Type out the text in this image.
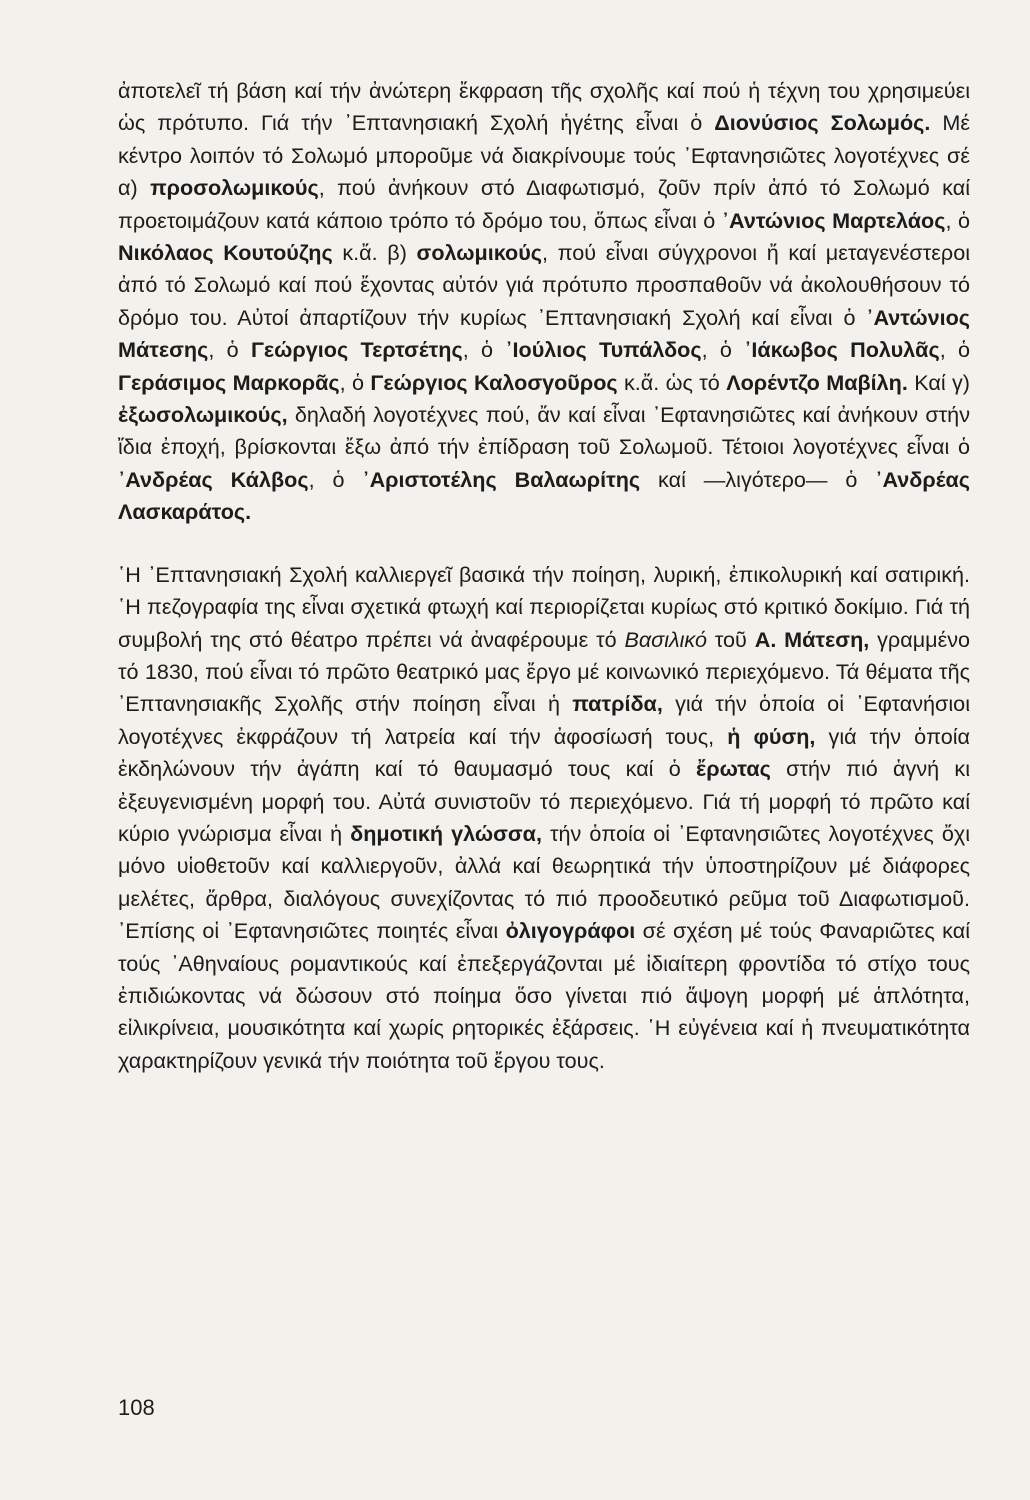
ἀποτελεῖ τή βάση καί τήν ἀνώτερη ἔκφραση τῆς σχολῆς καί πού ἡ τέχνη του χρησιμεύει ὡς πρότυπο. Γιά τήν ᾿Επτανησιακή Σχολή ἡγέτης εἶναι ὁ Διονύσιος Σολωμός. Μέ κέντρο λοιπόν τό Σολωμό μποροῦμε νά διακρίνουμε τούς ᾿Εφτανησιῶτες λογοτέχνες σέ α) προσολωμικούς, πού ἀνήκουν στό Διαφωτισμό, ζοῦν πρίν ἀπό τό Σολωμό καί προετοιμάζουν κατά κάποιο τρόπο τό δρόμο του, ὅπως εἶναι ὁ ᾿Αντώνιος Μαρτελάος, ὁ Νικόλαος Κουτούζης κ.ἄ. β) σολωμικούς, πού εἶναι σύγχρονοι ἤ καί μεταγενέστεροι ἀπό τό Σολωμό καί πού ἔχοντας αὐτόν γιά πρότυπο προσπαθοῦν νά ἀκολουθήσουν τό δρόμο του. Αὐτοί ἀπαρτίζουν τήν κυρίως ᾿Επτανησιακή Σχολή καί εἶναι ὁ ᾿Αντώνιος Μάτεσης, ὁ Γεώργιος Τερτσέτης, ὁ ᾿Ιούλιος Τυπάλδος, ὁ ᾿Ιάκωβος Πολυλᾶς, ὁ Γεράσιμος Μαρκορᾶς, ὁ Γεώργιος Καλοσγοῦρος κ.ἄ. ὡς τό Λορέντζο Μαβίλη. Καί γ) ἐξωσολωμικούς, δηλαδή λογοτέχνες πού, ἄν καί εἶναι ᾿Εφτανησιῶτες καί ἀνήκουν στήν ἴδια ἐποχή, βρίσκονται ἔξω ἀπό τήν ἐπίδραση τοῦ Σολωμοῦ. Τέτοιοι λογοτέχνες εἶναι ὁ ᾿Ανδρέας Κάλβος, ὁ ᾿Αριστοτέλης Βαλαωρίτης καί —λιγότερο— ὁ ᾿Ανδρέας Λασκαράτος.

῾Η ᾿Επτανησιακή Σχολή καλλιεργεῖ βασικά τήν ποίηση, λυρική, ἐπικολυρική καί σατιρική. ῾Η πεζογραφία της εἶναι σχετικά φτωχή καί περιορίζεται κυρίως στό κριτικό δοκίμιο. Γιά τή συμβολή της στό θέατρο πρέπει νά ἀναφέρουμε τό Βασιλικό τοῦ Α. Μάτεση, γραμμένο τό 1830, πού εἶναι τό πρῶτο θεατρικό μας ἔργο μέ κοινωνικό περιεχόμενο. Τά θέματα τῆς ᾿Επτανησιακῆς Σχολῆς στήν ποίηση εἶναι ἡ πατρίδα, γιά τήν ὁποία οἱ ᾿Εφτανήσιοι λογοτέχνες ἐκφράζουν τή λατρεία καί τήν ἀφοσίωσή τους, ἡ φύση, γιά τήν ὁποία ἐκδηλώνουν τήν ἀγάπη καί τό θαυμασμό τους καί ὁ ἔρωτας στήν πιό ἁγνή κι ἐξευγενισμένη μορφή του. Αὐτά συνιστοῦν τό περιεχόμενο. Γιά τή μορφή τό πρῶτο καί κύριο γνώρισμα εἶναι ἡ δημοτική γλώσσα, τήν ὁποία οἱ ᾿Εφτανησιῶτες λογοτέχνες ὄχι μόνο υἱοθετοῦν καί καλλιεργοῦν, ἀλλά καί θεωρητικά τήν ὑποστηρίζουν μέ διάφορες μελέτες, ἄρθρα, διαλόγους συνεχίζοντας τό πιό προοδευτικό ρεῦμα τοῦ Διαφωτισμοῦ. ᾿Επίσης οἱ ᾿Εφτανησιῶτες ποιητές εἶναι ὀλιγογράφοι σέ σχέση μέ τούς Φαναριῶτες καί τούς ᾿Αθηναίους ρομαντικούς καί ἐπεξεργάζονται μέ ἰδιαίτερη φροντίδα τό στίχο τους ἐπιδιώκοντας νά δώσουν στό ποίημα ὅσο γίνεται πιό ἄψογη μορφή μέ ἁπλότητα, εἰλικρίνεια, μουσικότητα καί χωρίς ρητορικές ἐξάρσεις. ῾Η εὐγένεια καί ἡ πνευματικότητα χαρακτηρίζουν γενικά τήν ποιότητα τοῦ ἔργου τους.

108
